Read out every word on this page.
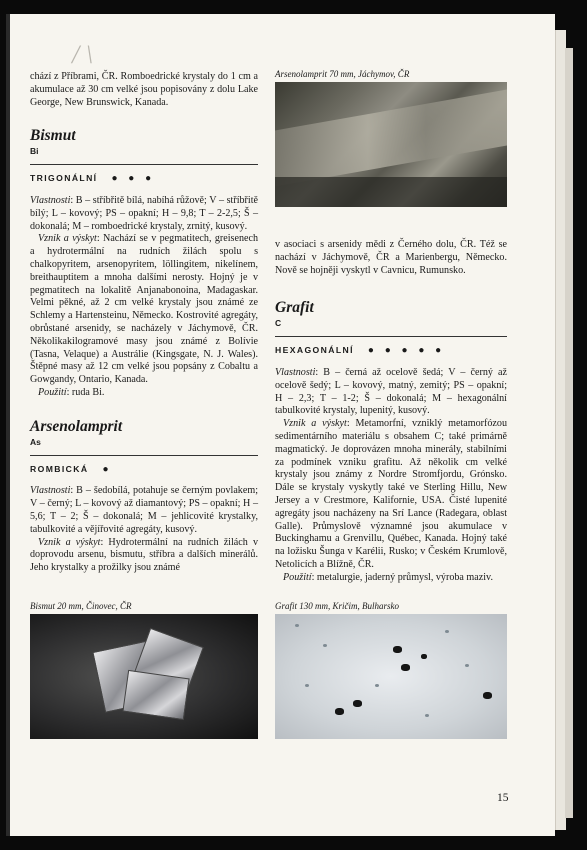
/ \

chází z Příbrami, ČR. Romboedrické krystaly do 1 cm a akumulace až 30 cm velké jsou popisovány z dolu Lake George, New Brunswick, Kanada.

Bismut

Bi

TRIGONÁLNÍ ● ● ●

Vlastnosti: B – stříbřitě bílá, nabíhá růžově; V – stříbřitě bílý; L – kovový; PS – opakní; H – 9,8; T – 2-2,5; Š – dokonalá; M – romboedrické krystaly, zrnitý, kusový.

Vznik a výskyt: Nachází se v pegmatitech, greisenech a hydrotermální na rudních žilách spolu s chalkopyritem, arsenopyritem, löllingitem, nikelínem, breithauptitem a mnoha dalšími nerosty. Hojný je v pegmatitech na lokalitě Anjanabonoina, Madagaskar. Velmi pěkné, až 2 cm velké krystaly jsou známé ze Schlemy a Hartensteinu, Německo. Kostrovité agregáty, obrůstané arsenidy, se nacházely v Jáchymově, ČR. Několikakilogramové masy jsou známé z Bolívie (Tasna, Velaque) a Austrálie (Kingsgate, N. J. Wales). Štěpné masy až 12 cm velké jsou popsány z Cobaltu a Gowgandy, Ontario, Kanada.

Použití: ruda Bi.

Arsenolamprit

As

ROMBICKÁ ●

Vlastnosti: B – šedobílá, potahuje se černým povlakem; V – černý; L – kovový až diamantový; PS – opakní; H – 5,6; T – 2; Š – dokonalá; M – jehlicovité krystalky, tabulkovité a vějířovité agregáty, kusový.

Vznik a výskyt: Hydrotermální na rudních žilách v doprovodu arsenu, bismutu, stříbra a dalších minerálů. Jeho krystalky a prožilky jsou známé

Bismut 20 mm, Činovec, ČR

Arsenolamprit 70 mm, Jáchymov, ČR

v asociaci s arsenidy mědi z Černého dolu, ČR. Též se nachází v Jáchymově, ČR a Marienbergu, Německo. Nově se hojněji vyskytl v Cavnicu, Rumunsko.

Grafit

C

HEXAGONÁLNÍ ● ● ● ● ●

Vlastnosti: B – černá až ocelově šedá; V – černý až ocelově šedý; L – kovový, matný, zemitý; PS – opakní; H – 2,3; T – 1-2; Š – dokonalá; M – hexagonální tabulkovité krystaly, lupenitý, kusový.

Vznik a výskyt: Metamorfní, vzniklý metamorfózou sedimentárního materiálu s obsahem C; také primárně magmatický. Je doprovázen mnoha minerály, stabilními za podmínek vzniku grafitu. Až několik cm velké krystaly jsou známy z Nordre Stromfjordu, Grónsko. Dále se krystaly vyskytly také ve Sterling Hillu, New Jersey a v Crestmore, Kalifornie, USA. Čisté lupenité agregáty jsou nacházeny na Srí Lance (Radegara, oblast Galle). Průmyslově významné jsou akumulace v Buckinghamu a Grenvillu, Québec, Kanada. Hojný také na ložisku Šunga v Karélii, Rusko; v Českém Krumlově, Netolicích a Blížně, ČR.

Použití: metalurgie, jaderný průmysl, výroba maziv.

Grafit 130 mm, Kričim, Bulharsko

15
